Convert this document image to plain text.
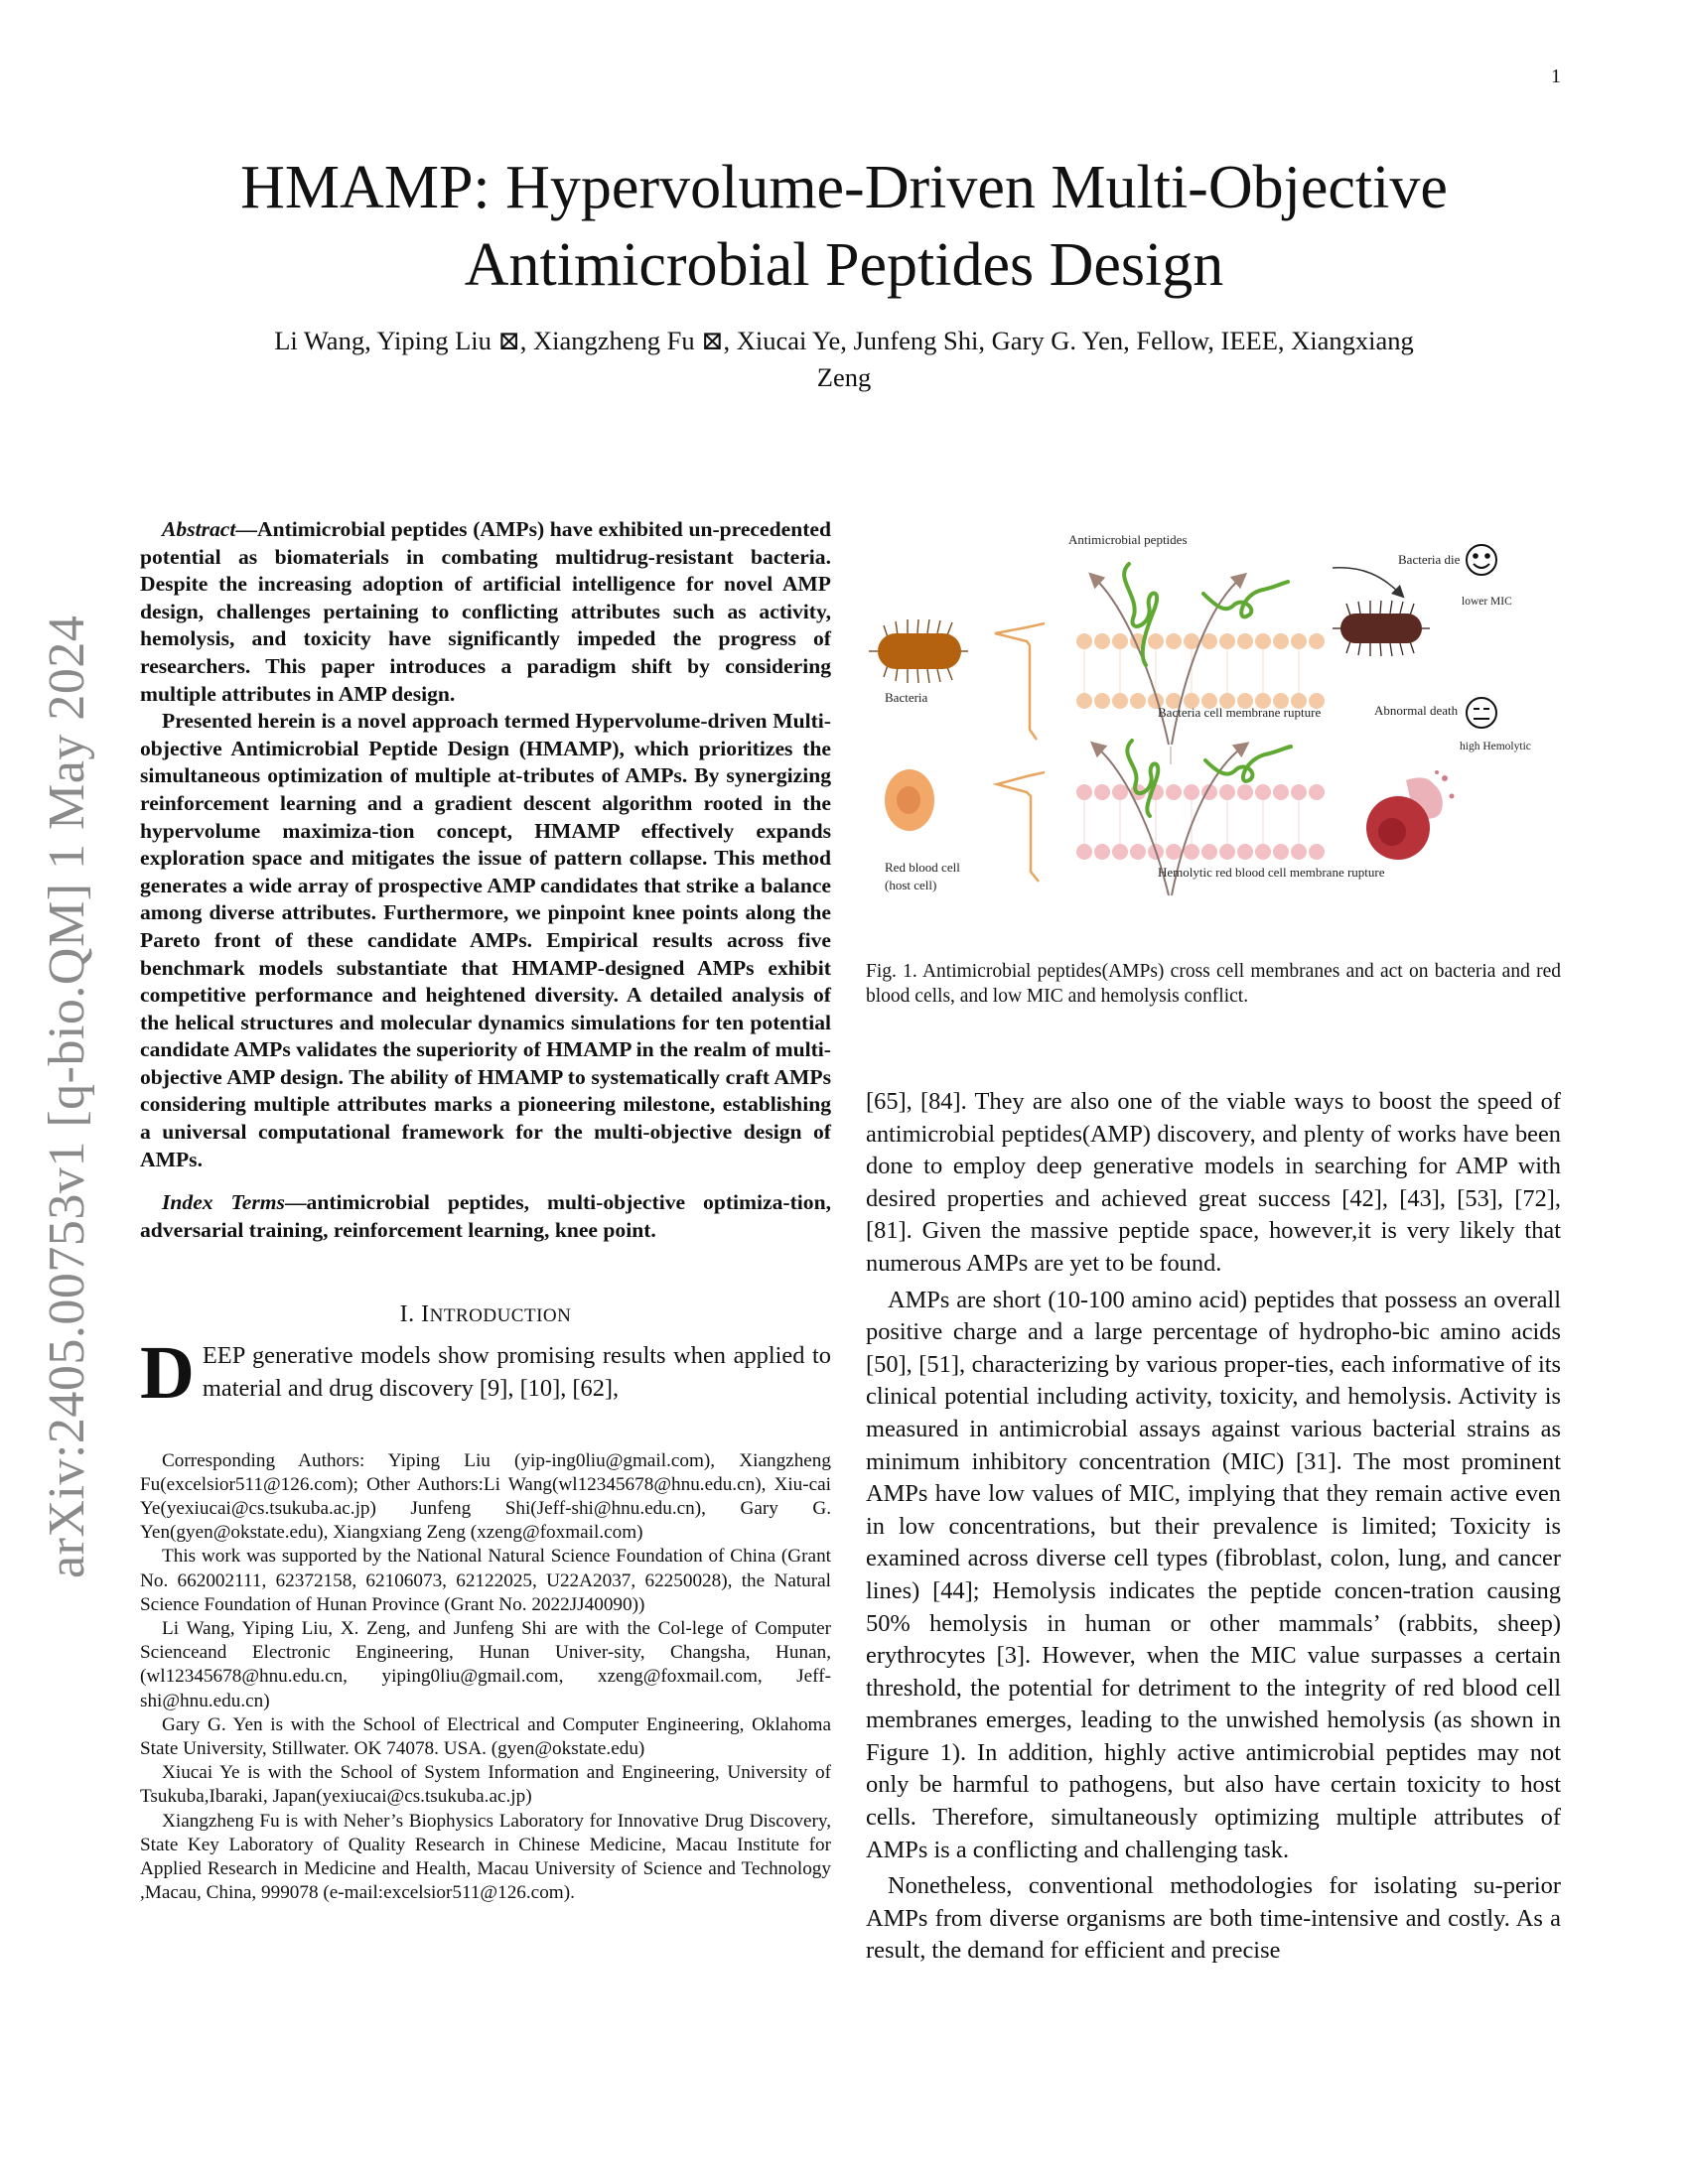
1
arXiv:2405.00753v1 [q-bio.QM] 1 May 2024
HMAMP: Hypervolume-Driven Multi-Objective
Antimicrobial Peptides Design
Li Wang, Yiping Liu ⊠, Xiangzheng Fu ⊠, Xiucai Ye, Junfeng Shi, Gary G. Yen, Fellow, IEEE, Xiangxiang
Zeng

Abstract—Antimicrobial peptides (AMPs) have exhibited un-precedented potential as biomaterials in combating multidrug-resistant bacteria. Despite the increasing adoption of artificial intelligence for novel AMP design, challenges pertaining to conflicting attributes such as activity, hemolysis, and toxicity have significantly impeded the progress of researchers. This paper introduces a paradigm shift by considering multiple attributes in AMP design.

Presented herein is a novel approach termed Hypervolume-driven Multi-objective Antimicrobial Peptide Design (HMAMP), which prioritizes the simultaneous optimization of multiple at-tributes of AMPs. By synergizing reinforcement learning and a gradient descent algorithm rooted in the hypervolume maximiza-tion concept, HMAMP effectively expands exploration space and mitigates the issue of pattern collapse. This method generates a wide array of prospective AMP candidates that strike a balance among diverse attributes. Furthermore, we pinpoint knee points along the Pareto front of these candidate AMPs. Empirical results across five benchmark models substantiate that HMAMP-designed AMPs exhibit competitive performance and heightened diversity. A detailed analysis of the helical structures and molecular dynamics simulations for ten potential candidate AMPs validates the superiority of HMAMP in the realm of multi-objective AMP design. The ability of HMAMP to systematically craft AMPs considering multiple attributes marks a pioneering milestone, establishing a universal computational framework for the multi-objective design of AMPs.

Index Terms—antimicrobial peptides, multi-objective optimiza-tion, adversarial training, reinforcement learning, knee point.
I. INTRODUCTION

DEEP generative models show promising results when applied to material and drug discovery [9], [10], [62],

Corresponding Authors: Yiping Liu (yip-ing0liu@gmail.com), Xiangzheng Fu(excelsior511@126.com); Other Authors:Li Wang(wl12345678@hnu.edu.cn), Xiu-cai Ye(yexiucai@cs.tsukuba.ac.jp) Junfeng Shi(Jeff-shi@hnu.edu.cn), Gary G. Yen(gyen@okstate.edu), Xiangxiang Zeng (xzeng@foxmail.com)

This work was supported by the National Natural Science Foundation of China (Grant No. 662002111, 62372158, 62106073, 62122025, U22A2037, 62250028), the Natural Science Foundation of Hunan Province (Grant No. 2022JJ40090))

Li Wang, Yiping Liu, X. Zeng, and Junfeng Shi are with the Col-lege of Computer Scienceand Electronic Engineering, Hunan Univer-sity, Changsha, Hunan, (wl12345678@hnu.edu.cn, yiping0liu@gmail.com, xzeng@foxmail.com, Jeff-shi@hnu.edu.cn)

Gary G. Yen is with the School of Electrical and Computer Engineering, Oklahoma State University, Stillwater. OK 74078. USA. (gyen@okstate.edu)

Xiucai Ye is with the School of System Information and Engineering, University of Tsukuba,Ibaraki, Japan(yexiucai@cs.tsukuba.ac.jp)

Xiangzheng Fu is with Neher’s Biophysics Laboratory for Innovative Drug Discovery, State Key Laboratory of Quality Research in Chinese Medicine, Macau Institute for Applied Research in Medicine and Health, Macau University of Science and Technology ,Macau, China, 999078 (e-mail:excelsior511@126.com).

Antimicrobial peptides
Bacteria
Bacteria cell membrane rupture
Bacteria die
lower MIC
Abnormal death
high Hemolytic
Red blood cell
(host cell)
Hemolytic red blood cell membrane rupture
Fig. 1. Antimicrobial peptides(AMPs) cross cell membranes and act on bacteria and red blood cells, and low MIC and hemolysis conflict.

[65], [84]. They are also one of the viable ways to boost the speed of antimicrobial peptides(AMP) discovery, and plenty of works have been done to employ deep generative models in searching for AMP with desired properties and achieved great success [42], [43], [53], [72], [81]. Given the massive peptide space, however,it is very likely that numerous AMPs are yet to be found.

AMPs are short (10-100 amino acid) peptides that possess an overall positive charge and a large percentage of hydropho-bic amino acids [50], [51], characterizing by various proper-ties, each informative of its clinical potential including activity, toxicity, and hemolysis. Activity is measured in antimicrobial assays against various bacterial strains as minimum inhibitory concentration (MIC) [31]. The most prominent AMPs have low values of MIC, implying that they remain active even in low concentrations, but their prevalence is limited; Toxicity is examined across diverse cell types (fibroblast, colon, lung, and cancer lines) [44]; Hemolysis indicates the peptide concen-tration causing 50% hemolysis in human or other mammals’ (rabbits, sheep) erythrocytes [3]. However, when the MIC value surpasses a certain threshold, the potential for detriment to the integrity of red blood cell membranes emerges, leading to the unwished hemolysis (as shown in Figure 1). In addition, highly active antimicrobial peptides may not only be harmful to pathogens, but also have certain toxicity to host cells. Therefore, simultaneously optimizing multiple attributes of AMPs is a conflicting and challenging task.

Nonetheless, conventional methodologies for isolating su-perior AMPs from diverse organisms are both time-intensive and costly. As a result, the demand for efficient and precise
